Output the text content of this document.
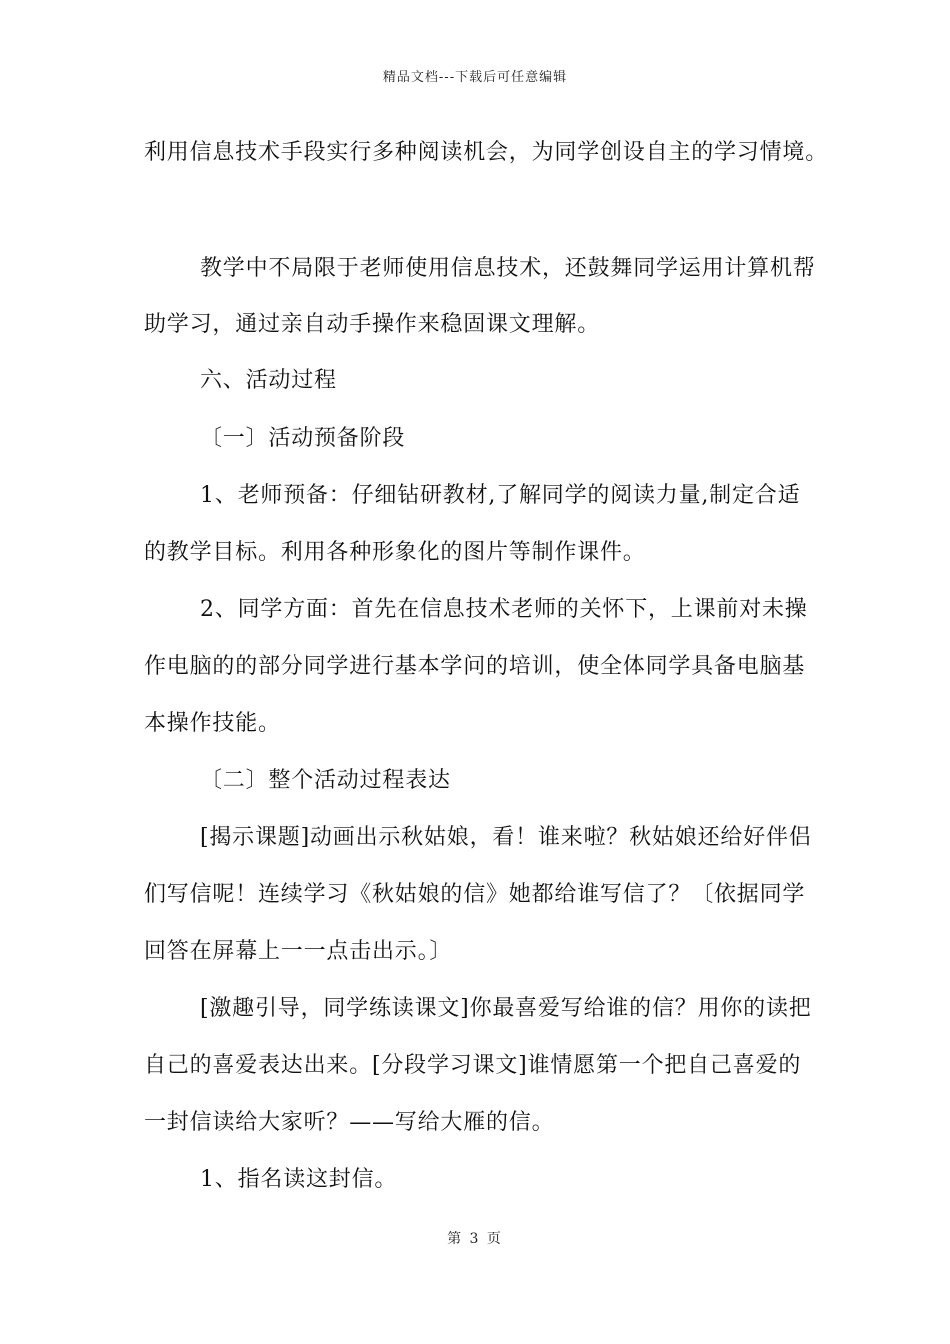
精品文档---下载后可任意编辑
利用信息技术手段实行多种阅读机会，为同学创设自主的学习情境。
教学中不局限于老师使用信息技术，还鼓舞同学运用计算机帮
助学习，通过亲自动手操作来稳固课文理解。
六、活动过程
〔一〕活动预备阶段
1、老师预备：仔细钻研教材,了解同学的阅读力量,制定合适
的教学目标。利用各种形象化的图片等制作课件。
2、同学方面：首先在信息技术老师的关怀下，上课前对未操
作电脑的的部分同学进行基本学问的培训，使全体同学具备电脑基
本操作技能。
〔二〕整个活动过程表达
[揭示课题]动画出示秋姑娘，看！谁来啦？秋姑娘还给好伴侣
们写信呢！连续学习《秋姑娘的信》她都给谁写信了？〔依据同学
回答在屏幕上一一点击出示。〕
[激趣引导，同学练读课文]你最喜爱写给谁的信？用你的读把
自己的喜爱表达出来。[分段学习课文]谁情愿第一个把自己喜爱的
一封信读给大家听？——写给大雁的信。
1、指名读这封信。
第 3 页
